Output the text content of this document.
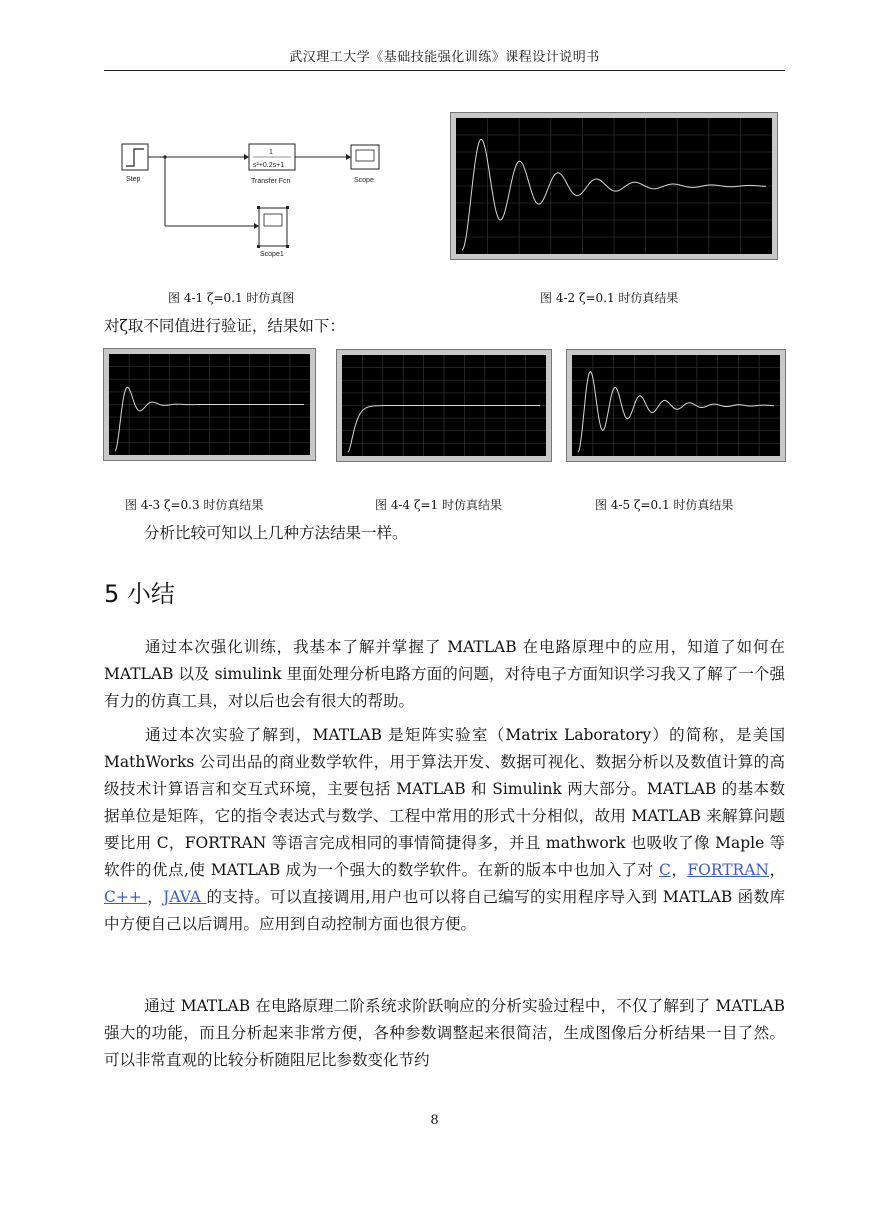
武汉理工大学《基础技能强化训练》课程设计说明书
Step
1
s²+0.2s+1
Transfer Fcn	Scope
Scope1
图 4-1 ζ=0.1 时仿真图	图 4-2 ζ=0.1 时仿真结果
对ζ取不同值进行验证，结果如下：
图 4-3 ζ=0.3 时仿真结果	图 4-4 ζ=1 时仿真结果	图 4-5 ζ=0.1 时仿真结果
分析比较可知以上几种方法结果一样。
5 小结
通过本次强化训练，我基本了解并掌握了 MATLAB 在电路原理中的应用，知道了如何在 MATLAB 以及 simulink 里面处理分析电路方面的问题，对待电子方面知识学习我又了解了一个强有力的仿真工具，对以后也会有很大的帮助。
通过本次实验了解到，MATLAB 是矩阵实验室（Matrix Laboratory）的简称，是美国 MathWorks 公司出品的商业数学软件，用于算法开发、数据可视化、数据分析以及数值计算的高级技术计算语言和交互式环境，主要包括 MATLAB 和 Simulink 两大部分。MATLAB 的基本数据单位是矩阵，它的指令表达式与数学、工程中常用的形式十分相似，故用 MATLAB 来解算问题要比用 C，FORTRAN 等语言完成相同的事情简捷得多，并且 mathwork 也吸收了像 Maple 等软件的优点,使 MATLAB 成为一个强大的数学软件。在新的版本中也加入了对 C，FORTRAN，C++ ，JAVA 的支持。可以直接调用,用户也可以将自己编写的实用程序导入到 MATLAB 函数库中方便自己以后调用。应用到自动控制方面也很方便。
通过 MATLAB 在电路原理二阶系统求阶跃响应的分析实验过程中，不仅了解到了 MATLAB 强大的功能，而且分析起来非常方便，各种参数调整起来很简洁，生成图像后分析结果一目了然。可以非常直观的比较分析随阻尼比参数变化节约
8
